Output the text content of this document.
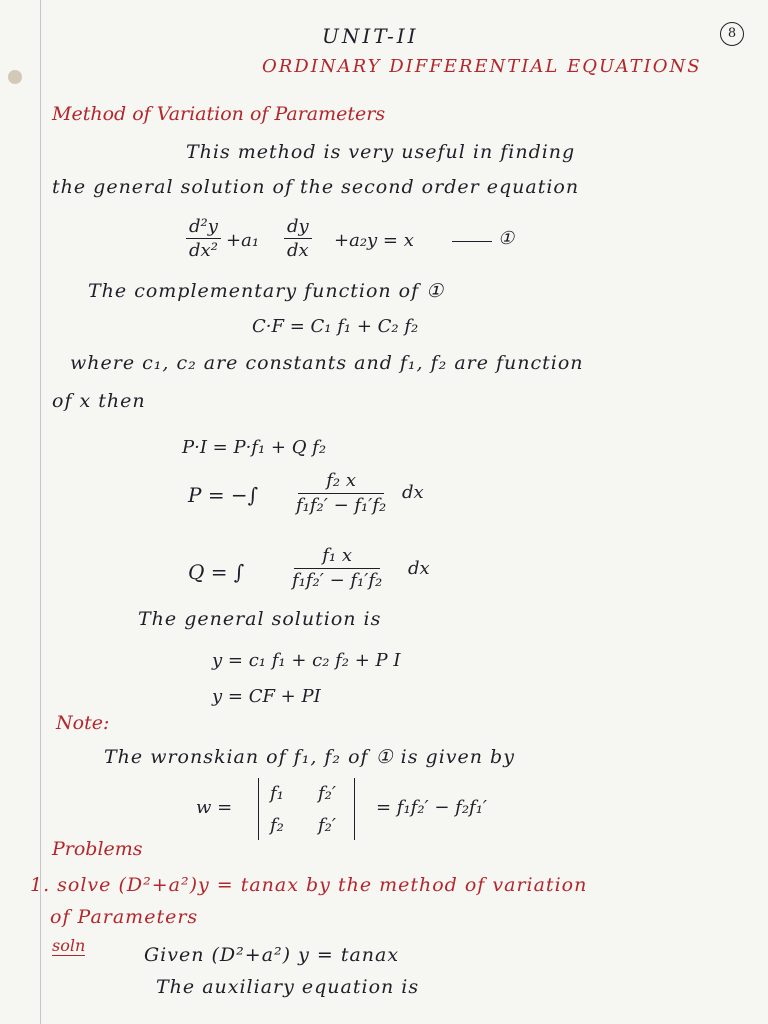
8
UNIT-II
ORDINARY DIFFERENTIAL EQUATIONS
Method of Variation of Parameters
This method is very useful in finding
the general solution of the second order equation
$\frac{\text{d²y}}{\text{dx²}} +a_1 \frac{dy}{dx} +a_2y = x$	①
The complementary function of ①
C·F = C₁ f₁ + C₂ f₂
where c₁, c₂ are constants and f₁, f₂ are function
of x then
P·I = P·f₁ + Q f₂
P = −∫ $\frac{\text{f₂ x}}{\text{f₁f₂′ − f₁′f₂}}$ dx
Q = ∫	$\frac{\text{f₁ x}}{\text{f₁f₂′ − f₁′f₂}}$ dx
The general solution is
y = c₁ f₁ + c₂ f₂ + P I
y = CF + PI
Note:
The wronskian of f₁, f₂ of ① is given by
w =
f₁ f₂′
f₂ f₂′
= f₁f₂′ − f₂f₁′
Problems
1. solve (D²+a²)y = tanax by the method of variation
of Parameters
soln	Given (D²+a²) y = tanax
The auxiliary equation is
